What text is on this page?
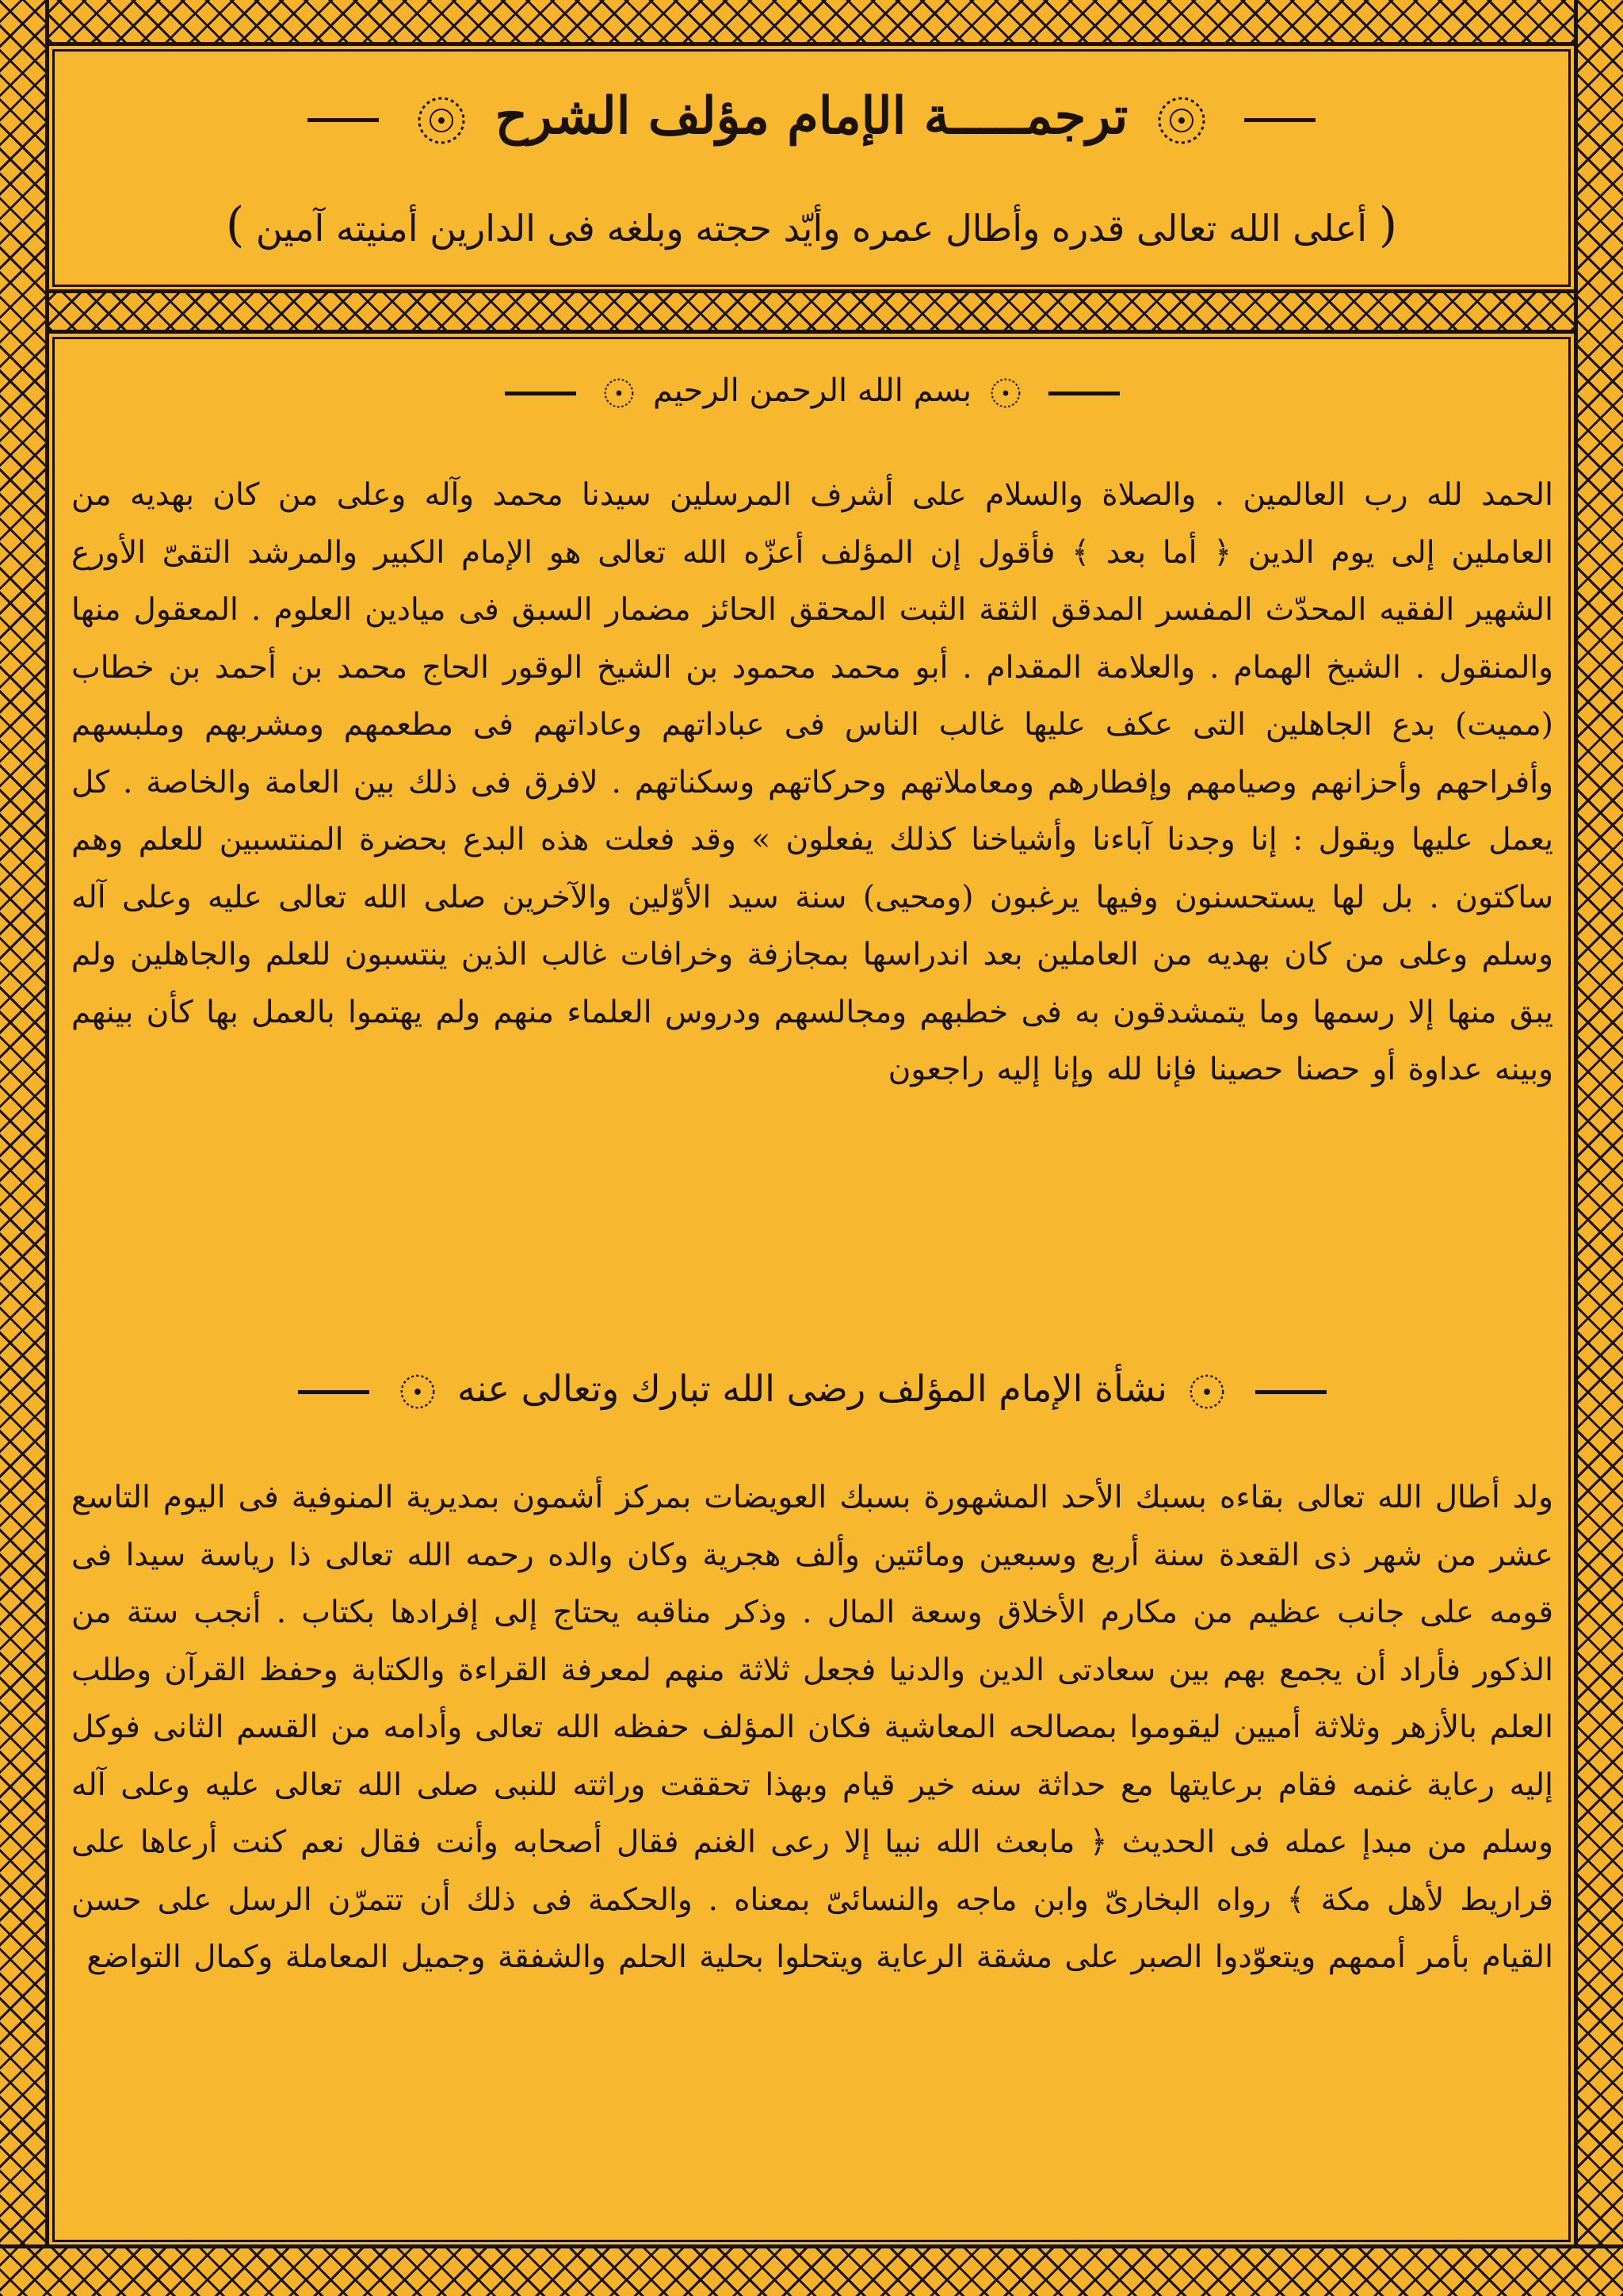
ترجمـــــة الإمام مؤلف الشرح
( أعلى الله تعالى قدره وأطال عمره وأيّد حجته وبلغه فى الدارين أمنيته آمين )
بسم الله الرحمن الرحيم

الحمد لله رب العالمين . والصلاة والسلام على أشرف المرسلين سيدنا محمد وآله وعلى من كان بهديه من العاملين إلى يوم الدين ﴿ أما بعد ﴾ فأقول إن المؤلف أعزّه الله تعالى هو الإمام الكبير والمرشد التقىّ الأورع الشهير الفقيه المحدّث المفسر المدقق الثقة الثبت المحقق الحائز مضمار السبق فى ميادين العلوم . المعقول منها والمنقول . الشيخ الهمام . والعلامة المقدام . أبو محمد محمود بن الشيخ الوقور الحاج محمد بن أحمد بن خطاب (مميت) بدع الجاهلين التى عكف عليها غالب الناس فى عباداتهم وعاداتهم فى مطعمهم ومشربهم وملبسهم وأفراحهم وأحزانهم وصيامهم وإفطارهم ومعاملاتهم وحركاتهم وسكناتهم . لافرق فى ذلك بين العامة والخاصة . كل يعمل عليها ويقول : إنا وجدنا آباءنا وأشياخنا كذلك يفعلون » وقد فعلت هذه البدع بحضرة المنتسبين للعلم وهم ساكتون . بل لها يستحسنون وفيها يرغبون (ومحيى) سنة سيد الأوّلين والآخرين صلى الله تعالى عليه وعلى آله وسلم وعلى من كان بهديه من العاملين بعد اندراسها بمجازفة وخرافات غالب الذين ينتسبون للعلم والجاهلين ولم يبق منها إلا رسمها وما يتمشدقون به فى خطبهم ومجالسهم ودروس العلماء منهم ولم يهتموا بالعمل بها كأن بينهم وبينه عداوة أو حصنا حصينا فإنا لله وإنا إليه راجعون

نشأة الإمام المؤلف رضى الله تبارك وتعالى عنه

ولد أطال الله تعالى بقاءه بسبك الأحد المشهورة بسبك العويضات بمركز أشمون بمديرية المنوفية فى اليوم التاسع عشر من شهر ذى القعدة سنة أربع وسبعين ومائتين وألف هجرية وكان والده رحمه الله تعالى ذا رياسة سيدا فى قومه على جانب عظيم من مكارم الأخلاق وسعة المال . وذكر مناقبه يحتاج إلى إفرادها بكتاب . أنجب ستة من الذكور فأراد أن يجمع بهم بين سعادتى الدين والدنيا فجعل ثلاثة منهم لمعرفة القراءة والكتابة وحفظ القرآن وطلب العلم بالأزهر وثلاثة أميين ليقوموا بمصالحه المعاشية فكان المؤلف حفظه الله تعالى وأدامه من القسم الثانى فوكل إليه رعاية غنمه فقام برعايتها مع حداثة سنه خير قيام وبهذا تحققت وراثته للنبى صلى الله تعالى عليه وعلى آله وسلم من مبدإ عمله فى الحديث ﴿ مابعث الله نبيا إلا رعى الغنم فقال أصحابه وأنت فقال نعم كنت أرعاها على قراريط لأهل مكة ﴾ رواه البخارىّ وابن ماجه والنسائىّ بمعناه . والحكمة فى ذلك أن تتمرّن الرسل على حسن القيام بأمر أممهم ويتعوّدوا الصبر على مشقة الرعاية ويتحلوا بحلية الحلم والشفقة وجميل المعاملة وكمال التواضع
